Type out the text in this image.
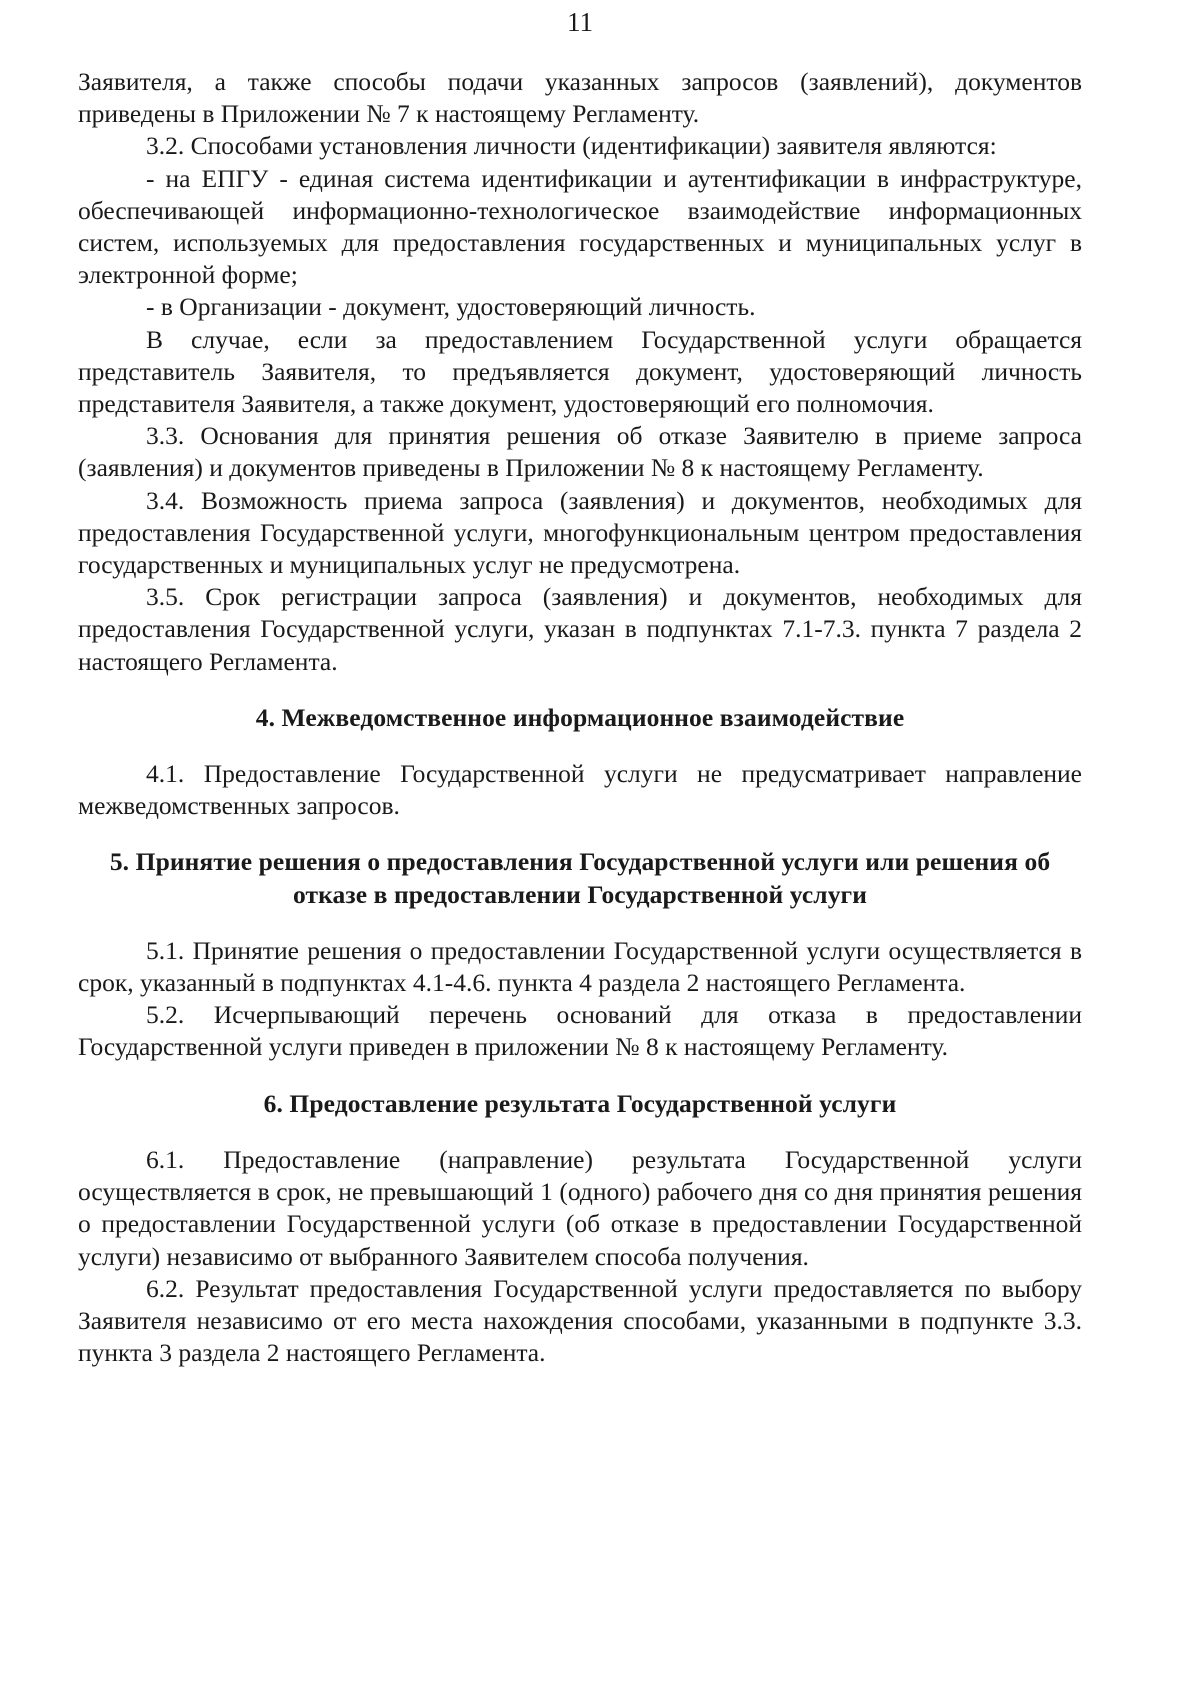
11

Заявителя, а также способы подачи указанных запросов (заявлений), документов приведены в Приложении № 7 к настоящему Регламенту.

3.2. Способами установления личности (идентификации) заявителя являются:

- на ЕПГУ - единая система идентификации и аутентификации в инфраструктуре, обеспечивающей информационно-технологическое взаимодействие информационных систем, используемых для предоставления государственных и муниципальных услуг в электронной форме;

- в Организации - документ, удостоверяющий личность.

В случае, если за предоставлением Государственной услуги обращается представитель Заявителя, то предъявляется документ, удостоверяющий личность представителя Заявителя, а также документ, удостоверяющий его полномочия.

3.3. Основания для принятия решения об отказе Заявителю в приеме запроса (заявления) и документов приведены в Приложении № 8 к настоящему Регламенту.

3.4. Возможность приема запроса (заявления) и документов, необходимых для предоставления Государственной услуги, многофункциональным центром предоставления государственных и муниципальных услуг не предусмотрена.

3.5. Срок регистрации запроса (заявления) и документов, необходимых для предоставления Государственной услуги, указан в подпунктах 7.1-7.3. пункта 7 раздела 2 настоящего Регламента.

4. Межведомственное информационное взаимодействие

4.1. Предоставление Государственной услуги не предусматривает направление межведомственных запросов.

5. Принятие решения о предоставления Государственной услуги или решения об отказе в предоставлении Государственной услуги

5.1. Принятие решения о предоставлении Государственной услуги осуществляется в срок, указанный в подпунктах 4.1-4.6. пункта 4 раздела 2 настоящего Регламента.

5.2. Исчерпывающий перечень оснований для отказа в предоставлении Государственной услуги приведен в приложении № 8 к настоящему Регламенту.

6. Предоставление результата Государственной услуги

6.1. Предоставление (направление) результата Государственной услуги осуществляется в срок, не превышающий 1 (одного) рабочего дня со дня принятия решения о предоставлении Государственной услуги (об отказе в предоставлении Государственной услуги) независимо от выбранного Заявителем способа получения.

6.2. Результат предоставления Государственной услуги предоставляется по выбору Заявителя независимо от его места нахождения способами, указанными в подпункте 3.3. пункта 3 раздела 2 настоящего Регламента.
